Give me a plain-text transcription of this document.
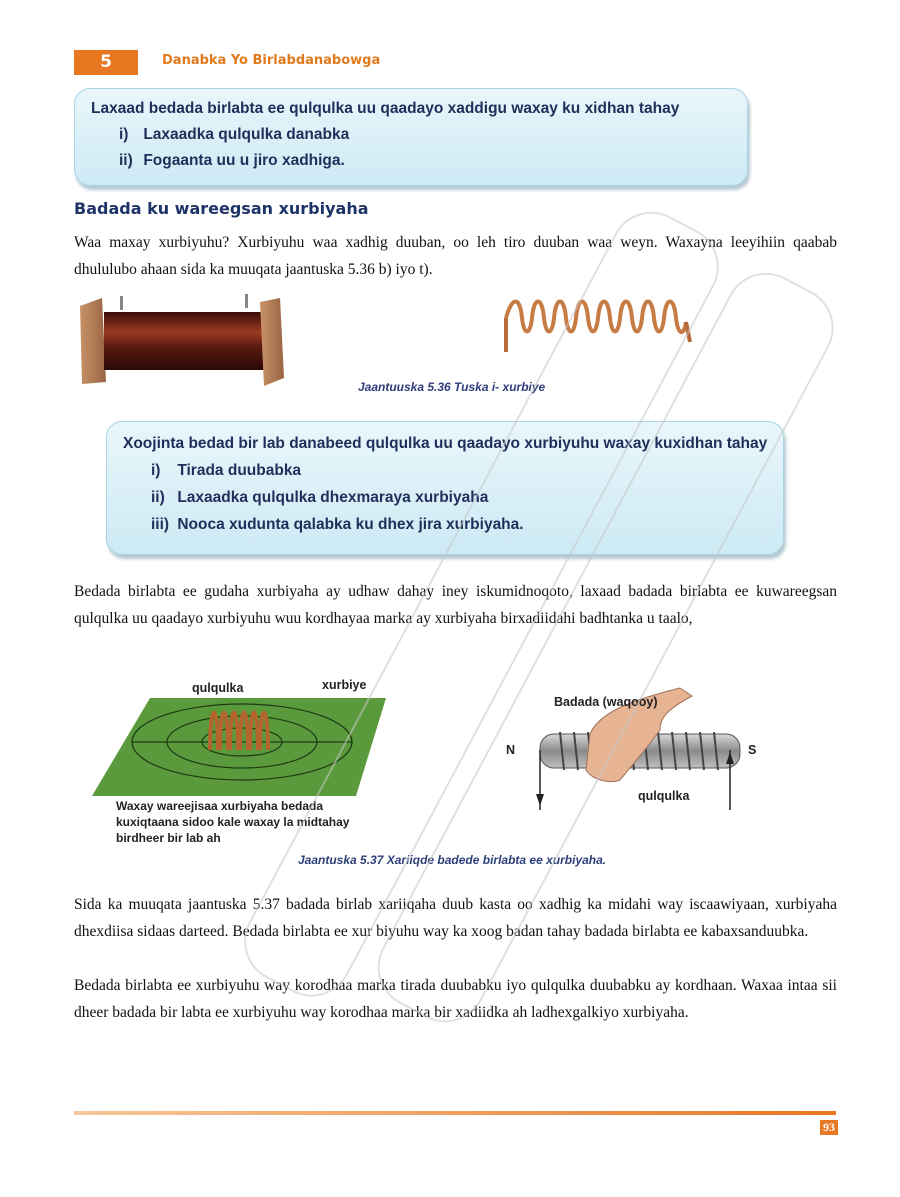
5	Danabka Yo Birlabdanabowga
Laxaad bedada birlabta ee qulqulka uu qaadayo xaddigu waxay ku xidhan tahay
i) Laxaadka qulqulka danabka
ii) Fogaanta uu u jiro xadhiga.
Badada ku wareegsan xurbiyaha
Waa maxay xurbiyuhu? Xurbiyuhu waa xadhig duuban, oo leh tiro duuban waa weyn. Waxayna leeyihiin qaabab dhululubo ahaan sida ka muuqata jaantuska 5.36 b) iyo t).
Jaantuuska 5.36 Tuska i- xurbiye
Xoojinta bedad bir lab danabeed qulqulka uu qaadayo xurbiyuhu waxay kuxidhan tahay
i) Tirada duubabka
ii) Laxaadka qulqulka dhexmaraya xurbiyaha
iii) Nooca xudunta qalabka ku dhex jira xurbiyaha.
Bedada birlabta ee gudaha xurbiyaha ay udhaw dahay iney iskumidnoqoto, laxaad badada birlabta ee kuwareegsan qulqulka uu qaadayo xurbiyuhu wuu kordhayaa marka ay xurbiyaha birxadiidahi badhtanka u taalo,
qulqulka	xurbiye
Waxay wareejisaa xurbiyaha bedada kuxiqtaana sidoo kale waxay la midtahay birdheer bir lab ah
Badada (waqooy)
N	S
qulqulka
Jaantuska 5.37 Xariiqde badede birlabta ee xurbiyaha.
Sida ka muuqata jaantuska 5.37 badada birlab xariiqaha duub kasta oo xadhig ka midahi way iscaawiyaan, xurbiyaha dhexdiisa sidaas darteed. Bedada birlabta ee xur biyuhu way ka xoog badan tahay badada birlabta ee kabaxsanduubka.
Bedada birlabta ee xurbiyuhu way korodhaa marka tirada duubabku iyo qulqulka duubabku ay kordhaan. Waxaa intaa sii dheer badada bir labta ee xurbiyuhu way korodhaa marka bir xadiidka ah ladhexgalkiyo xurbiyaha.
93
